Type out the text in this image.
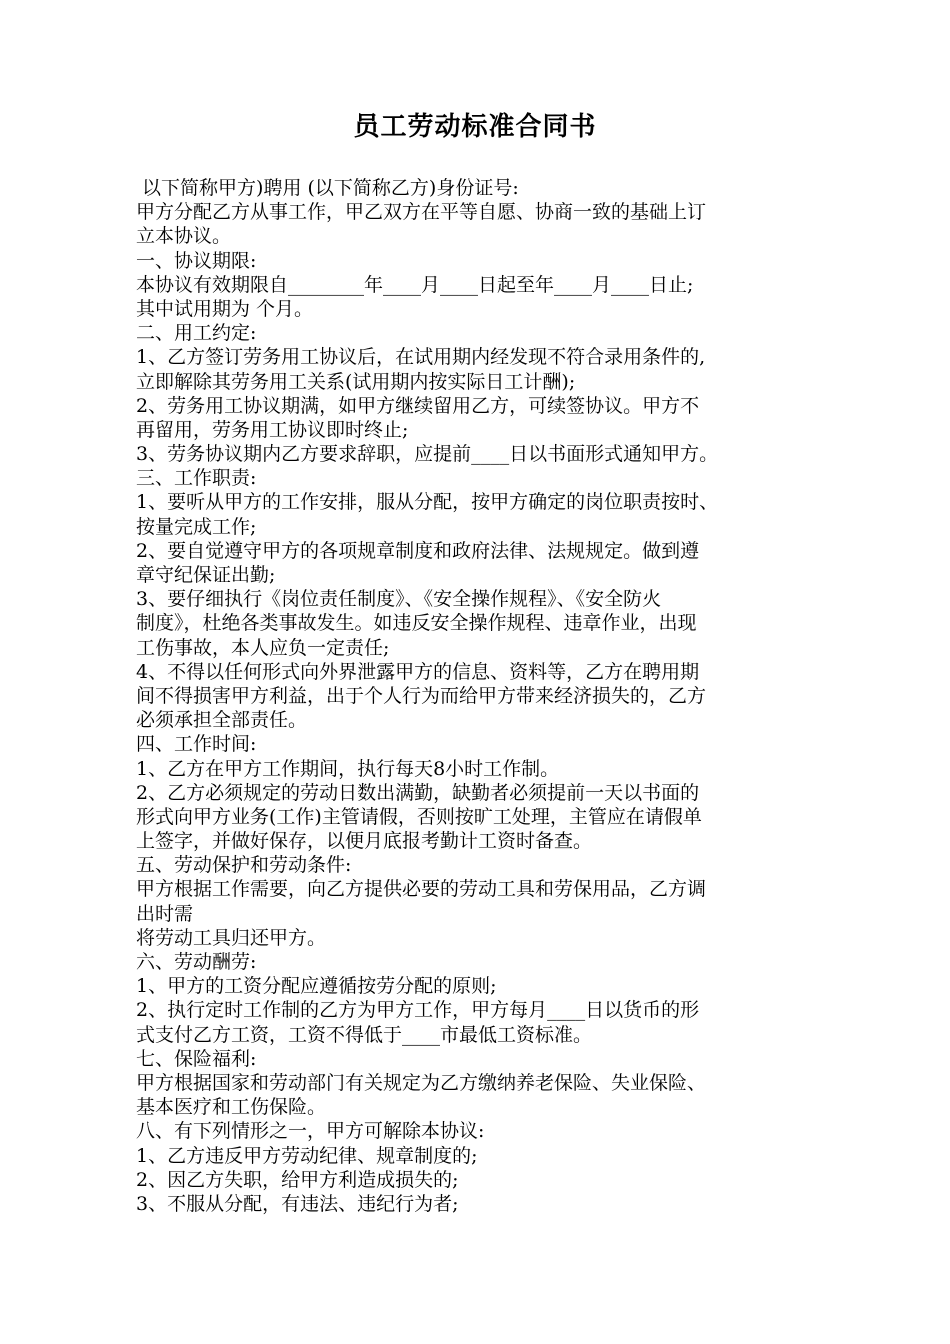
员工劳动标准合同书
以下简称甲方)聘用 (以下简称乙方)身份证号:
甲方分配乙方从事工作，甲乙双方在平等自愿、协商一致的基础上订
立本协议。
一、协议期限:
本协议有效期限自________年____月____日起至年____月____日止;
其中试用期为 个月。
二、用工约定:
1、乙方签订劳务用工协议后，在试用期内经发现不符合录用条件的,
立即解除其劳务用工关系(试用期内按实际日工计酬);
2、劳务用工协议期满，如甲方继续留用乙方，可续签协议。甲方不
再留用，劳务用工协议即时终止;
3、劳务协议期内乙方要求辞职，应提前____日以书面形式通知甲方。
三、工作职责:
1、要听从甲方的工作安排，服从分配，按甲方确定的岗位职责按时、
按量完成工作;
2、要自觉遵守甲方的各项规章制度和政府法律、法规规定。做到遵
章守纪保证出勤;
3、要仔细执行《岗位责任制度》、《安全操作规程》、《安全防火
制度》，杜绝各类事故发生。如违反安全操作规程、违章作业，出现
工伤事故，本人应负一定责任;
4、不得以任何形式向外界泄露甲方的信息、资料等，乙方在聘用期
间不得损害甲方利益，出于个人行为而给甲方带来经济损失的，乙方
必须承担全部责任。
四、工作时间:
1、乙方在甲方工作期间，执行每天8小时工作制。
2、乙方必须规定的劳动日数出满勤，缺勤者必须提前一天以书面的
形式向甲方业务(工作)主管请假，否则按旷工处理，主管应在请假单
上签字，并做好保存，以便月底报考勤计工资时备查。
五、劳动保护和劳动条件:
甲方根据工作需要，向乙方提供必要的劳动工具和劳保用品，乙方调
出时需
将劳动工具归还甲方。
六、劳动酬劳:
1、甲方的工资分配应遵循按劳分配的原则;
2、执行定时工作制的乙方为甲方工作，甲方每月____日以货币的形
式支付乙方工资，工资不得低于____市最低工资标准。
七、保险福利:
甲方根据国家和劳动部门有关规定为乙方缴纳养老保险、失业保险、
基本医疗和工伤保险。
八、有下列情形之一，甲方可解除本协议:
1、乙方违反甲方劳动纪律、规章制度的;
2、因乙方失职，给甲方利造成损失的;
3、不服从分配，有违法、违纪行为者;
